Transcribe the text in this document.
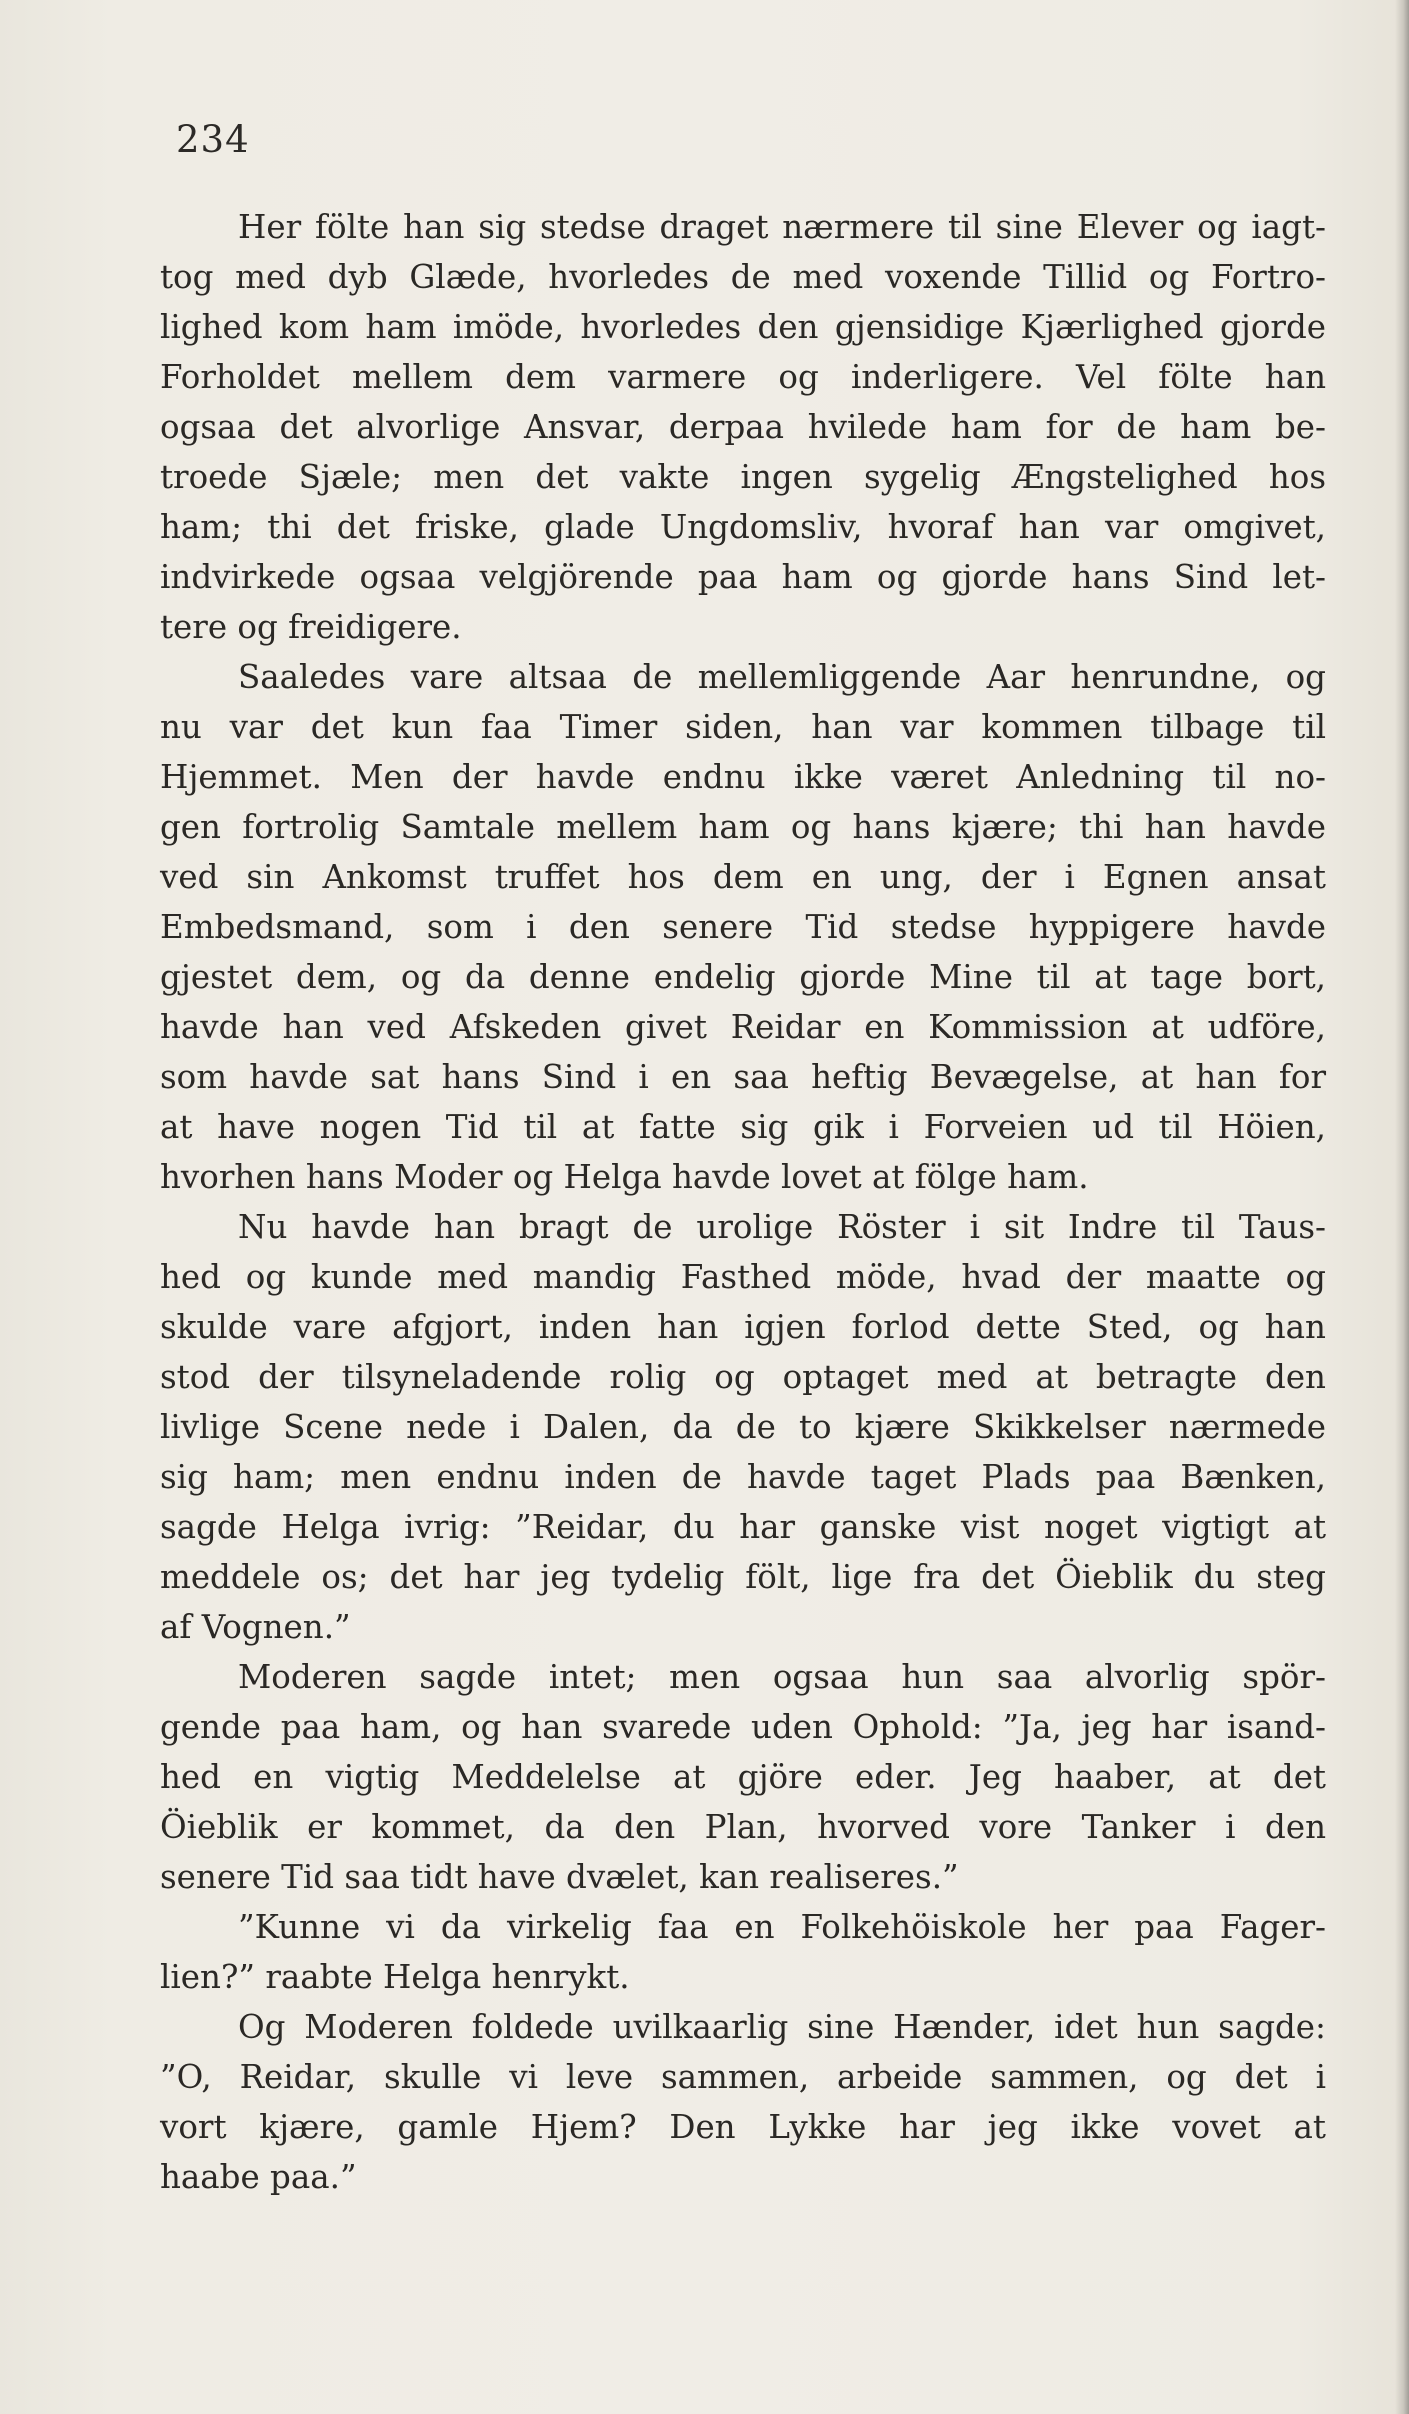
234
Her fölte han sig stedse draget nærmere til sine Elever og iagt-
tog med dyb Glæde, hvorledes de med voxende Tillid og Fortro-
lighed kom ham imöde, hvorledes den gjensidige Kjærlighed gjorde
Forholdet mellem dem varmere og inderligere. Vel fölte han
ogsaa det alvorlige Ansvar, derpaa hvilede ham for de ham be-
troede Sjæle; men det vakte ingen sygelig Ængstelighed hos
ham; thi det friske, glade Ungdomsliv, hvoraf han var omgivet,
indvirkede ogsaa velgjörende paa ham og gjorde hans Sind let-
tere og freidigere.
Saaledes vare altsaa de mellemliggende Aar henrundne, og
nu var det kun faa Timer siden, han var kommen tilbage til
Hjemmet. Men der havde endnu ikke været Anledning til no-
gen fortrolig Samtale mellem ham og hans kjære; thi han havde
ved sin Ankomst truffet hos dem en ung, der i Egnen ansat
Embedsmand, som i den senere Tid stedse hyppigere havde
gjestet dem, og da denne endelig gjorde Mine til at tage bort,
havde han ved Afskeden givet Reidar en Kommission at udföre,
som havde sat hans Sind i en saa heftig Bevægelse, at han for
at have nogen Tid til at fatte sig gik i Forveien ud til Höien,
hvorhen hans Moder og Helga havde lovet at fölge ham.
Nu havde han bragt de urolige Röster i sit Indre til Taus-
hed og kunde med mandig Fasthed möde, hvad der maatte og
skulde vare afgjort, inden han igjen forlod dette Sted, og han
stod der tilsyneladende rolig og optaget med at betragte den
livlige Scene nede i Dalen, da de to kjære Skikkelser nærmede
sig ham; men endnu inden de havde taget Plads paa Bænken,
sagde Helga ivrig: ”Reidar, du har ganske vist noget vigtigt at
meddele os; det har jeg tydelig fölt, lige fra det Öieblik du steg
af Vognen.”
Moderen sagde intet; men ogsaa hun saa alvorlig spör-
gende paa ham, og han svarede uden Ophold: ”Ja, jeg har isand-
hed en vigtig Meddelelse at gjöre eder. Jeg haaber, at det
Öieblik er kommet, da den Plan, hvorved vore Tanker i den
senere Tid saa tidt have dvælet, kan realiseres.”
”Kunne vi da virkelig faa en Folkehöiskole her paa Fager-
lien?” raabte Helga henrykt.
Og Moderen foldede uvilkaarlig sine Hænder, idet hun sagde:
”O, Reidar, skulle vi leve sammen, arbeide sammen, og det i
vort kjære, gamle Hjem? Den Lykke har jeg ikke vovet at
haabe paa.”
